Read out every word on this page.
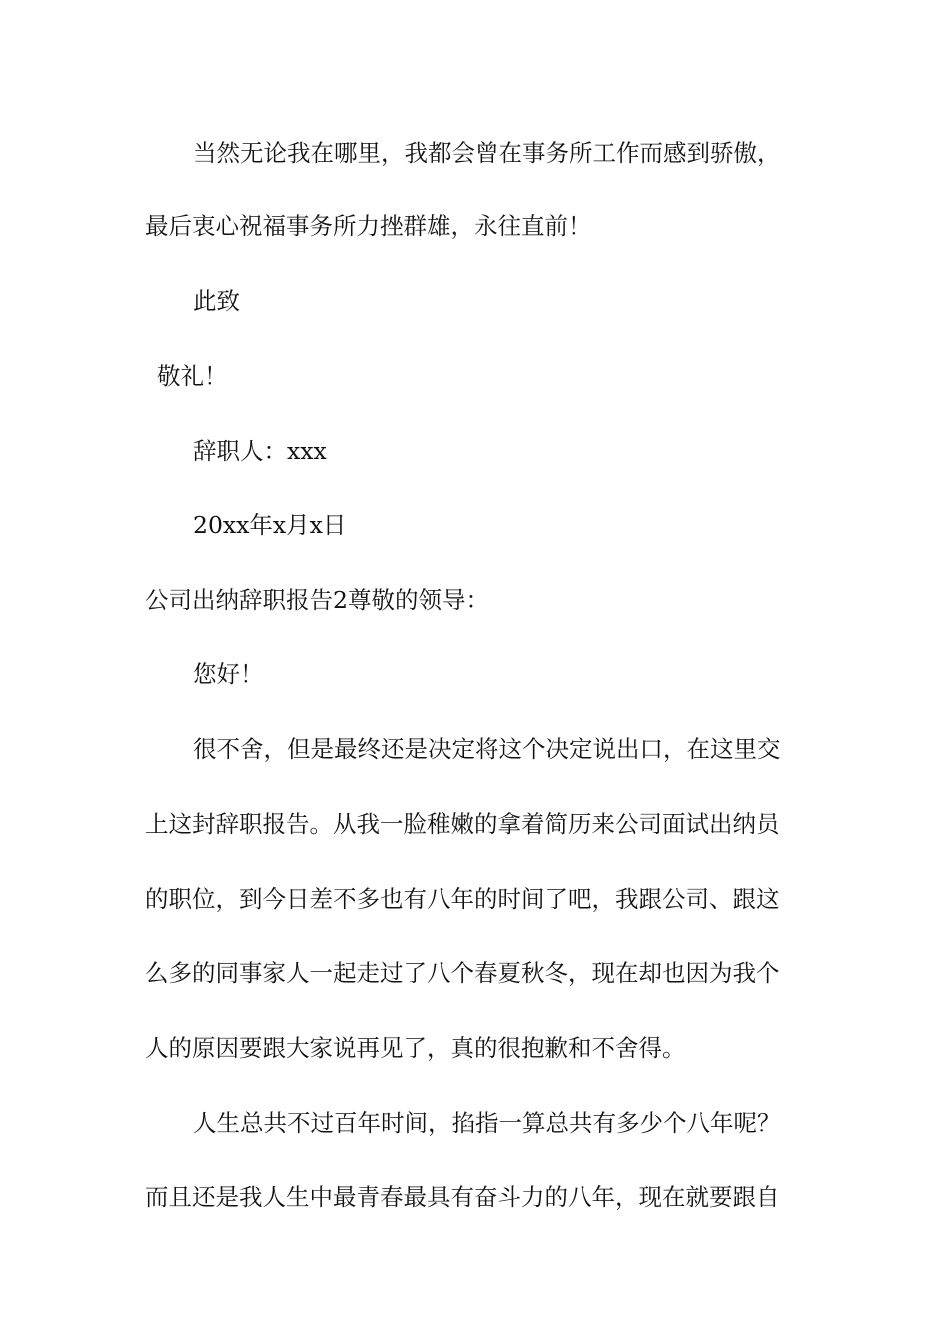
当然无论我在哪里，我都会曾在事务所工作而感到骄傲，
最后衷心祝福事务所力挫群雄，永往直前！
此致
敬礼！
辞职人：xxx
20xx年x月x日
公司出纳辞职报告2尊敬的领导：
您好！
很不舍，但是最终还是决定将这个决定说出口，在这里交
上这封辞职报告。从我一脸稚嫩的拿着简历来公司面试出纳员
的职位，到今日差不多也有八年的时间了吧，我跟公司、跟这
么多的同事家人一起走过了八个春夏秋冬，现在却也因为我个
人的原因要跟大家说再见了，真的很抱歉和不舍得。
人生总共不过百年时间，掐指一算总共有多少个八年呢？
而且还是我人生中最青春最具有奋斗力的八年，现在就要跟自
